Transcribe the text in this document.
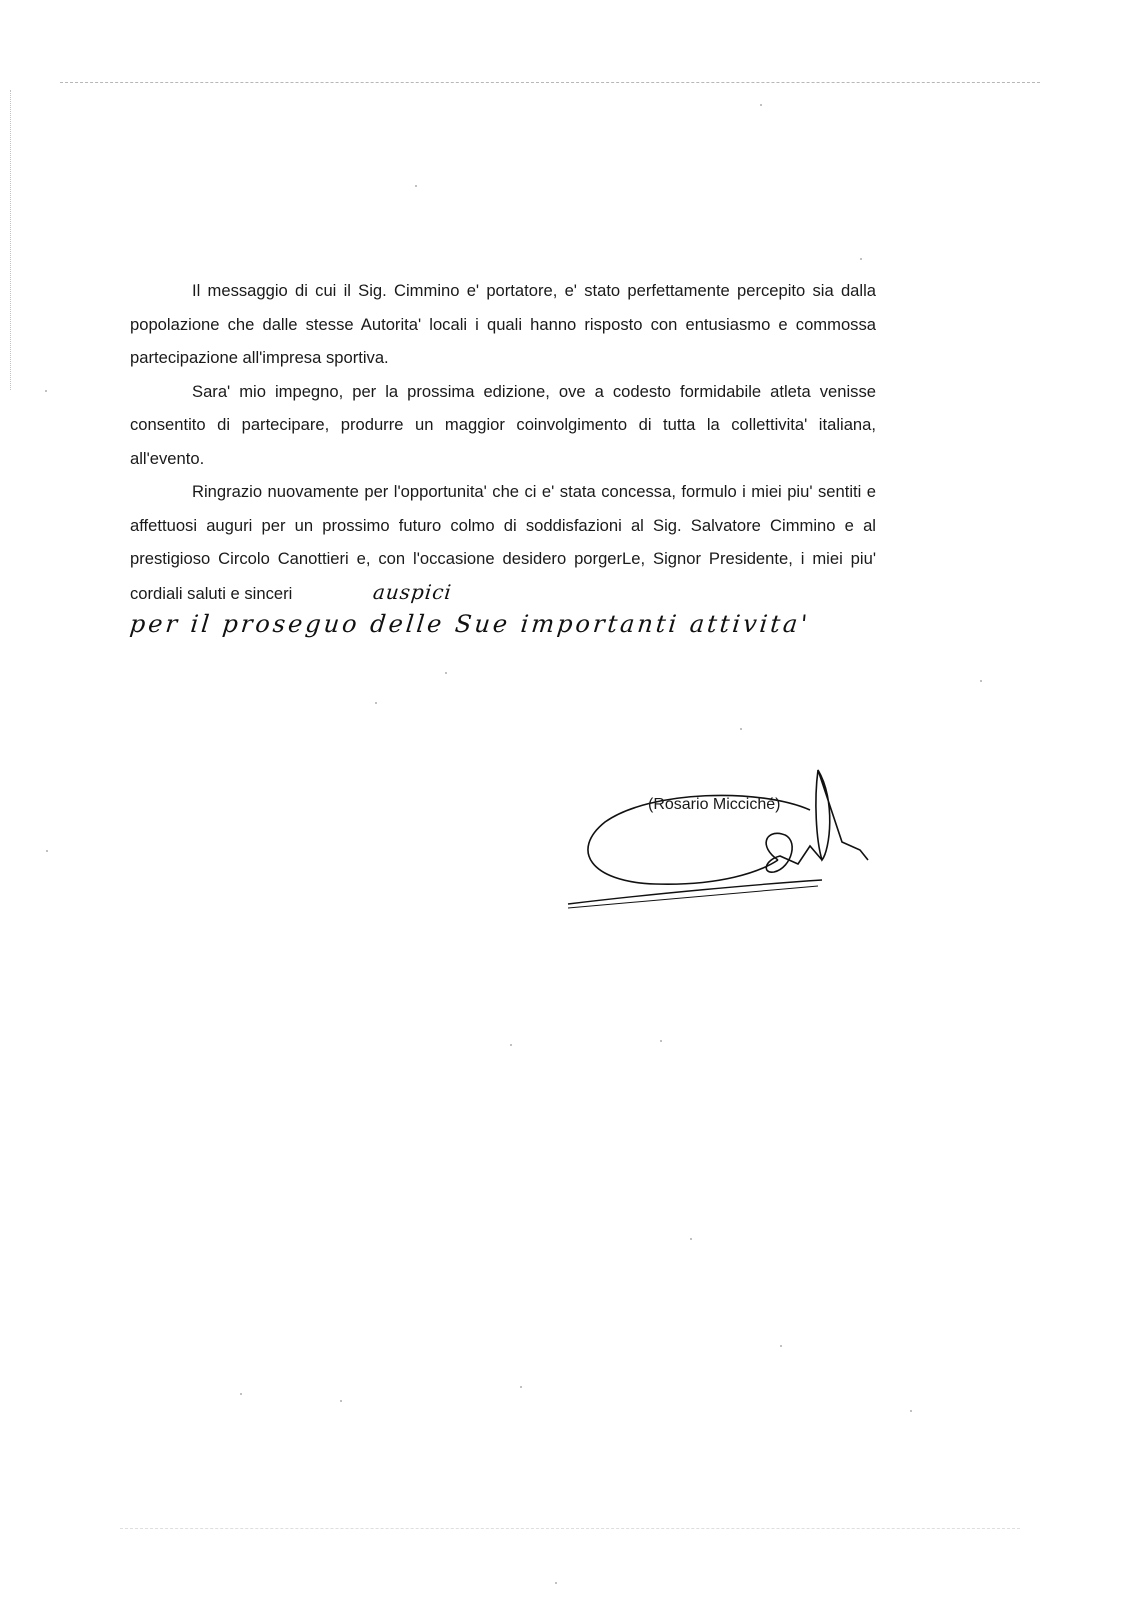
Il messaggio di cui il Sig. Cimmino e' portatore, e' stato perfettamente percepito sia dalla popolazione che dalle stesse Autorita' locali i quali hanno risposto con entusiasmo e commossa partecipazione all'impresa sportiva.

Sara' mio impegno, per la prossima edizione, ove a codesto formidabile atleta venisse consentito di partecipare, produrre un maggior coinvolgimento di tutta la collettivita' italiana, all'evento.

Ringrazio nuovamente per l'opportunita' che ci e' stata concessa, formulo i miei piu' sentiti e affettuosi auguri per un prossimo futuro colmo di soddisfazioni al Sig. Salvatore Cimmino e al prestigioso Circolo Canottieri e, con l'occasione desidero porgerLe, Signor Presidente, i miei piu' cordiali saluti e sinceri	auspici

per il proseguo delle Sue importanti attivita'
(Rosario Micciché)
